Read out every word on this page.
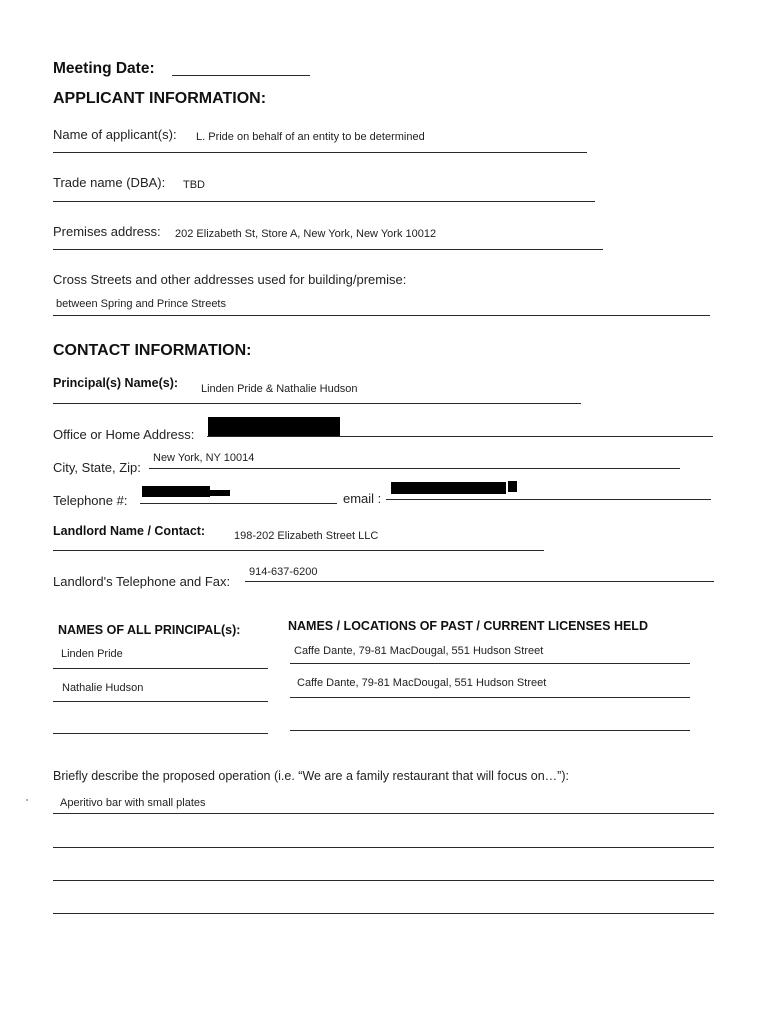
Meeting Date:
APPLICANT INFORMATION:
Name of applicant(s): L. Pride on behalf of an entity to be determined
Trade name (DBA): TBD
Premises address: 202 Elizabeth St, Store A, New York, New York 10012
Cross Streets and other addresses used for building/premise:
between Spring and Prince Streets
CONTACT INFORMATION:
Principal(s) Name(s): Linden Pride & Nathalie Hudson
Office or Home Address:
City, State, Zip:
New York, NY 10014
Telephone #:	email :
Landlord Name / Contact:	198-202 Elizabeth Street LLC
Landlord's Telephone and Fax:
914-637-6200
NAMES OF ALL PRINCIPAL(s):	NAMES / LOCATIONS OF PAST / CURRENT LICENSES HELD
Linden Pride	Caffe Dante, 79-81 MacDougal, 551 Hudson Street
Nathalie Hudson	Caffe Dante, 79-81 MacDougal, 551 Hudson Street
Briefly describe the proposed operation (i.e. “We are a family restaurant that will focus on…”):
Aperitivo bar with small plates
